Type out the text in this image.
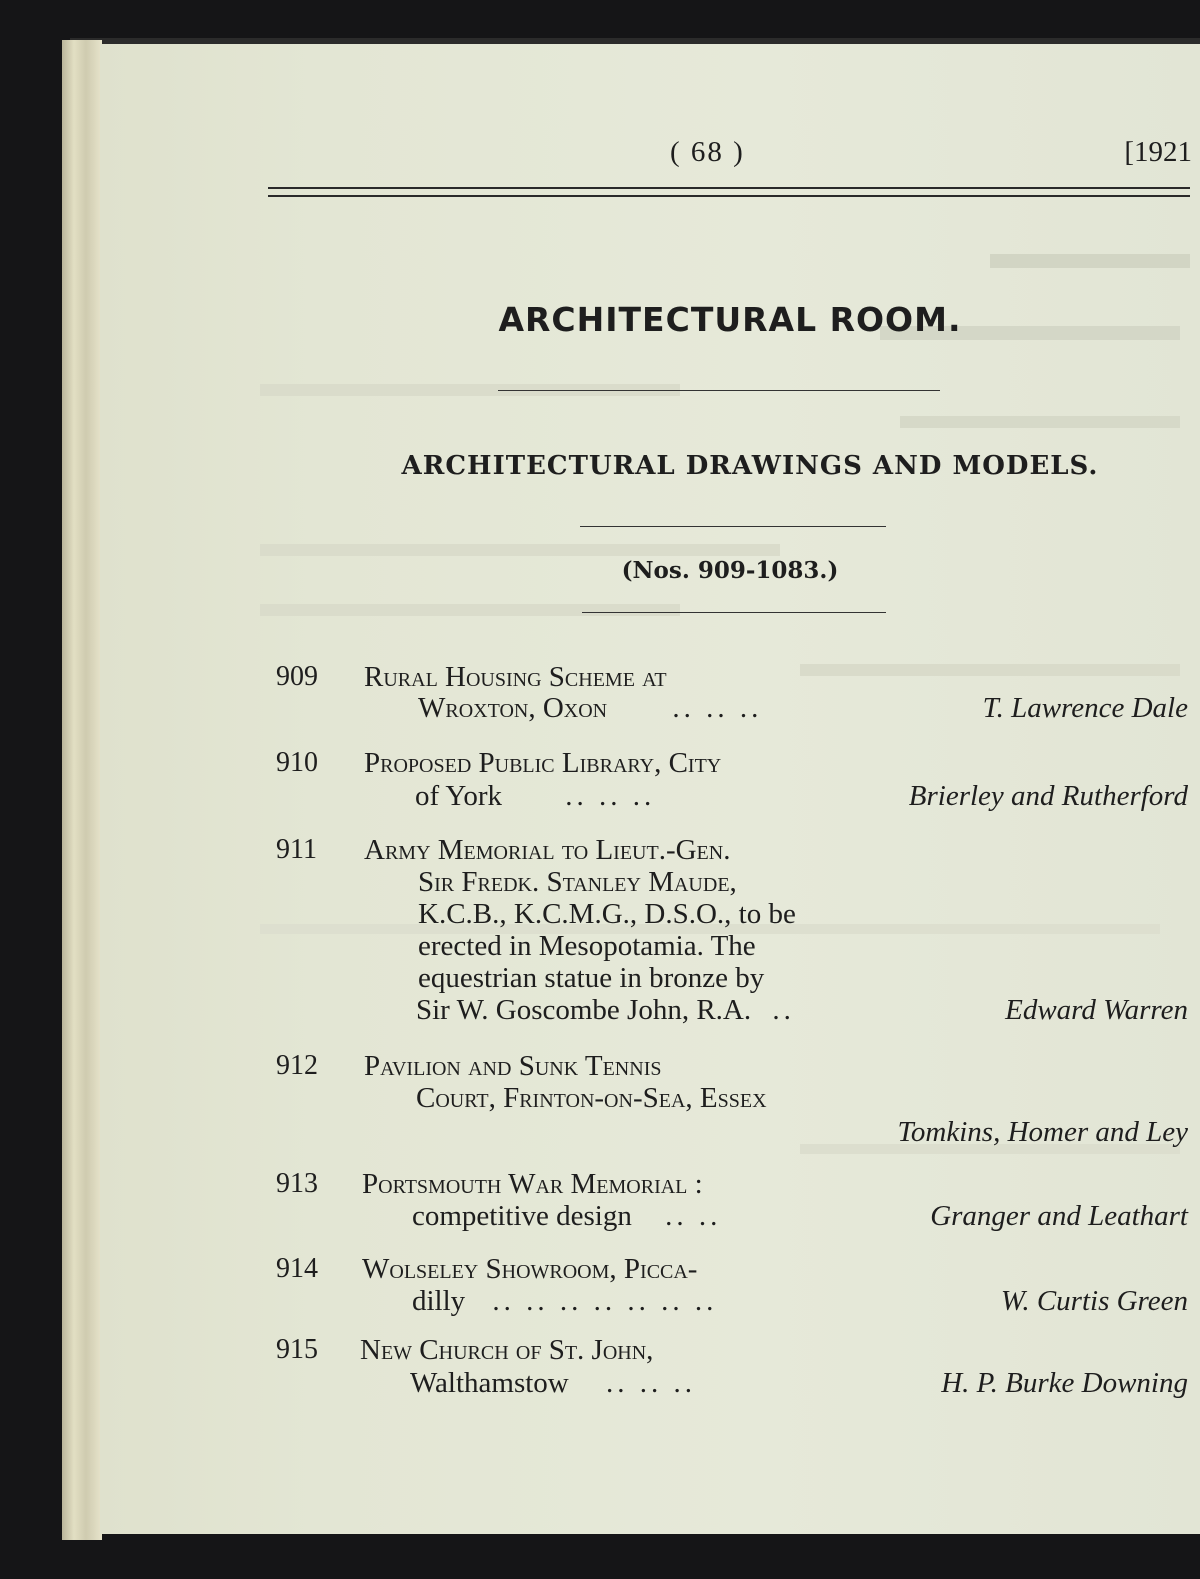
( 68 )	[1921
ARCHITECTURAL ROOM.
ARCHITECTURAL DRAWINGS AND MODELS.
(Nos. 909-1083.)
909 Rural Housing Scheme at
Wroxton, Oxon .. .. ..	T. Lawrence Dale
910 Proposed Public Library, City
of York .. .. ..	Brierley and Rutherford
911 Army Memorial to Lieut.-Gen.
Sir Fredk. Stanley Maude,
K.C.B., K.C.M.G., D.S.O., to be
erected in Mesopotamia. The
equestrian statue in bronze by
Sir W. Goscombe John, R.A. ..	Edward Warren
912 Pavilion and Sunk Tennis
Court, Frinton-on-Sea, Essex
Tomkins, Homer and Ley
913 Portsmouth War Memorial :
competitive design .. ..	Granger and Leathart
914 Wolseley Showroom, Picca-
dilly .. .. .. .. .. .. ..	W. Curtis Green
915 New Church of St. John,
Walthamstow .. .. ..	H. P. Burke Downing
